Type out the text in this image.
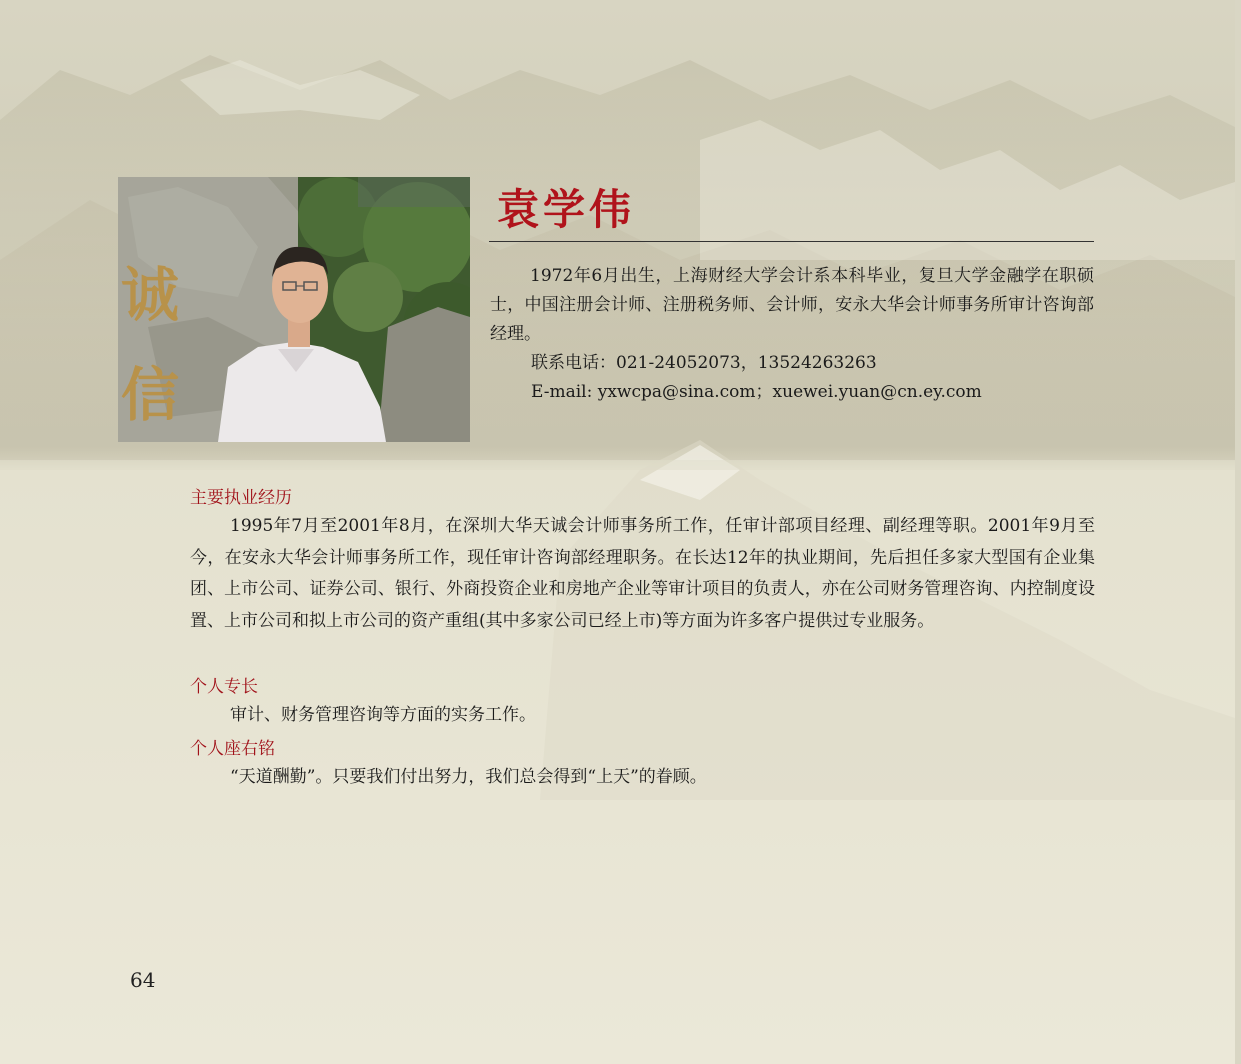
诚
信
袁学伟

1972年6月出生，上海财经大学会计系本科毕业，复旦大学金融学在职硕士，中国注册会计师、注册税务师、会计师，安永大华会计师事务所审计咨询部经理。

联系电话：021-24052073，13524263263

E-mail: yxwcpa@sina.com；xuewei.yuan@cn.ey.com

主要执业经历
1995年7月至2001年8月，在深圳大华天诚会计师事务所工作，任审计部项目经理、副经理等职。2001年9月至今，在安永大华会计师事务所工作，现任审计咨询部经理职务。在长达12年的执业期间，先后担任多家大型国有企业集团、上市公司、证券公司、银行、外商投资企业和房地产企业等审计项目的负责人，亦在公司财务管理咨询、内控制度设置、上市公司和拟上市公司的资产重组(其中多家公司已经上市)等方面为许多客户提供过专业服务。
个人专长
审计、财务管理咨询等方面的实务工作。
个人座右铭
“天道酬勤”。只要我们付出努力，我们总会得到“上天”的眷顾。
64
